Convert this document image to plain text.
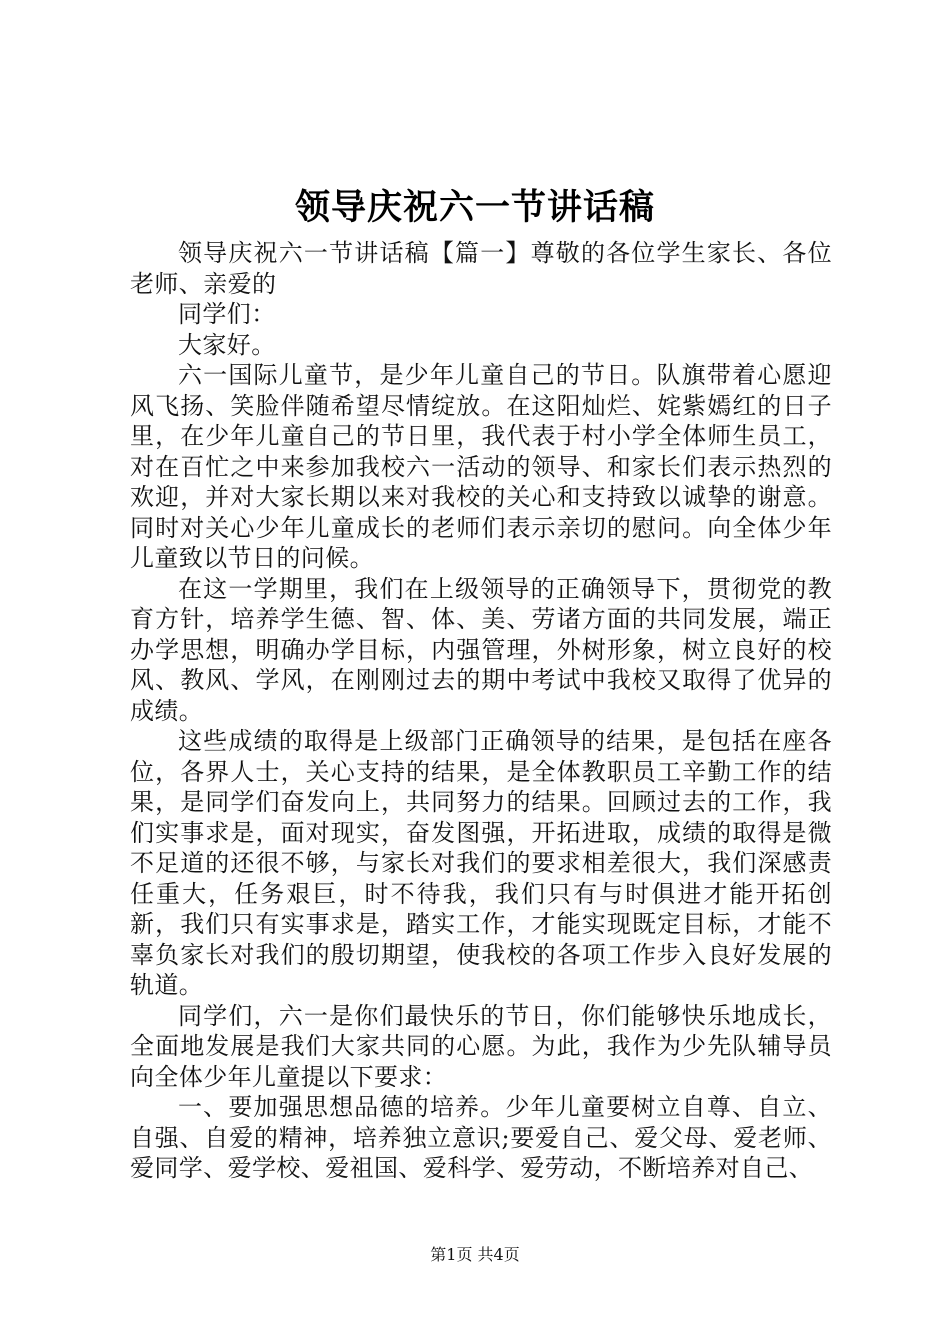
领导庆祝六一节讲话稿

领导庆祝六一节讲话稿【篇一】尊敬的各位学生家长、各位老师、亲爱的

同学们：

大家好。

六一国际儿童节，是少年儿童自己的节日。队旗带着心愿迎风飞扬、笑脸伴随希望尽情绽放。在这阳灿烂、姹紫嫣红的日子里，在少年儿童自己的节日里，我代表于村小学全体师生员工，对在百忙之中来参加我校六一活动的领导、和家长们表示热烈的欢迎，并对大家长期以来对我校的关心和支持致以诚挚的谢意。同时对关心少年儿童成长的老师们表示亲切的慰问。向全体少年儿童致以节日的问候。

在这一学期里，我们在上级领导的正确领导下，贯彻党的教育方针，培养学生德、智、体、美、劳诸方面的共同发展，端正办学思想，明确办学目标，内强管理，外树形象，树立良好的校风、教风、学风，在刚刚过去的期中考试中我校又取得了优异的成绩。

这些成绩的取得是上级部门正确领导的结果，是包括在座各位，各界人士，关心支持的结果，是全体教职员工辛勤工作的结果，是同学们奋发向上，共同努力的结果。回顾过去的工作，我们实事求是，面对现实，奋发图强，开拓进取，成绩的取得是微不足道的还很不够，与家长对我们的要求相差很大，我们深感责任重大，任务艰巨，时不待我，我们只有与时俱进才能开拓创新，我们只有实事求是，踏实工作，才能实现既定目标，才能不辜负家长对我们的殷切期望，使我校的各项工作步入良好发展的轨道。

同学们，六一是你们最快乐的节日，你们能够快乐地成长，全面地发展是我们大家共同的心愿。为此，我作为少先队辅导员向全体少年儿童提以下要求：

一、要加强思想品德的培养。少年儿童要树立自尊、自立、自强、自爱的精神，培养独立意识;要爱自己、爱父母、爱老师、爱同学、爱学校、爱祖国、爱科学、爱劳动，不断培养对自己、

第1页 共4页
